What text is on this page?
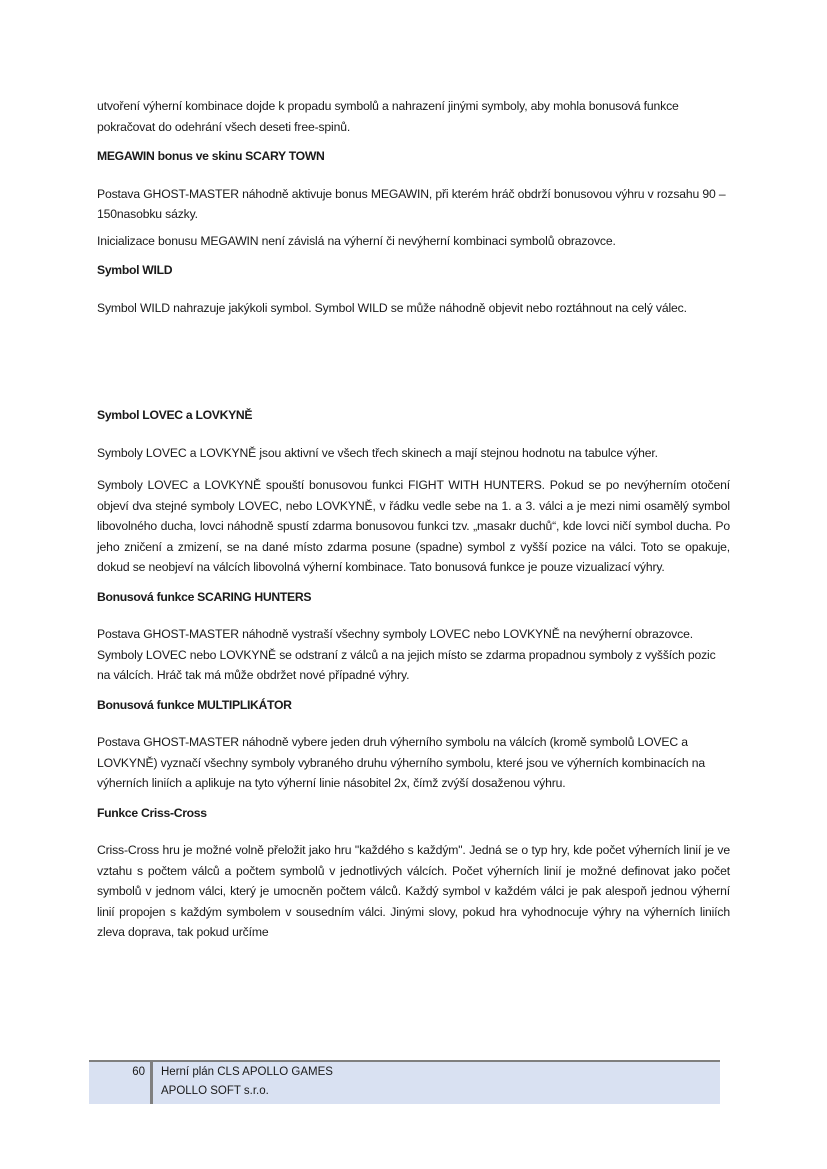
utvoření výherní kombinace dojde k propadu symbolů a nahrazení jinými symboly, aby mohla bonusová funkce pokračovat do odehrání všech deseti free-spinů.

MEGAWIN bonus ve skinu SCARY TOWN

Postava GHOST-MASTER náhodně aktivuje bonus MEGAWIN, při kterém hráč obdrží bonusovou výhru v rozsahu 90 – 150nasobku sázky.

Inicializace bonusu MEGAWIN není závislá na výherní či nevýherní kombinaci symbolů obrazovce.

Symbol WILD

Symbol WILD nahrazuje jakýkoli symbol. Symbol WILD se může náhodně objevit nebo roztáhnout na celý válec.

Symbol LOVEC a LOVKYNĚ

Symboly LOVEC a LOVKYNĚ jsou aktivní ve všech třech skinech a mají stejnou hodnotu na tabulce výher.

Symboly LOVEC a LOVKYNĚ spouští bonusovou funkci FIGHT WITH HUNTERS. Pokud se po nevýherním otočení objeví dva stejné symboly LOVEC, nebo LOVKYNĚ, v řádku vedle sebe na 1. a 3. válci a je mezi nimi osamělý symbol libovolného ducha, lovci náhodně spustí zdarma bonusovou funkci tzv. „masakr duchů“, kde lovci ničí symbol ducha. Po jeho zničení a zmizení, se na dané místo zdarma posune (spadne) symbol z vyšší pozice na válci. Toto se opakuje, dokud se neobjeví na válcích libovolná výherní kombinace. Tato bonusová funkce je pouze vizualizací výhry.

Bonusová funkce SCARING HUNTERS

Postava GHOST-MASTER náhodně vystraší všechny symboly LOVEC nebo LOVKYNĚ na nevýherní obrazovce. Symboly LOVEC nebo LOVKYNĚ se odstraní z válců a na jejich místo se zdarma propadnou symboly z vyšších pozic na válcích. Hráč tak má může obdržet nové případné výhry.

Bonusová funkce MULTIPLIKÁTOR

Postava GHOST-MASTER náhodně vybere jeden druh výherního symbolu na válcích (kromě symbolů LOVEC a LOVKYNĚ) vyznačí všechny symboly vybraného druhu výherního symbolu, které jsou ve výherních kombinacích na výherních liniích a aplikuje na tyto výherní linie násobitel 2x, čímž zvýší dosaženou výhru.

Funkce Criss-Cross

Criss-Cross hru je možné volně přeložit jako hru "každého s každým". Jedná se o typ hry, kde počet výherních linií je ve vztahu s počtem válců a počtem symbolů v jednotlivých válcích. Počet výherních linií je možné definovat jako počet symbolů v jednom válci, který je umocněn počtem válců. Každý symbol v každém válci je pak alespoň jednou výherní linií propojen s každým symbolem v sousedním válci. Jinými slovy, pokud hra vyhodnocuje výhry na výherních liniích zleva doprava, tak pokud určíme

60 Herní plán CLS APOLLO GAMES
APOLLO SOFT s.r.o.
